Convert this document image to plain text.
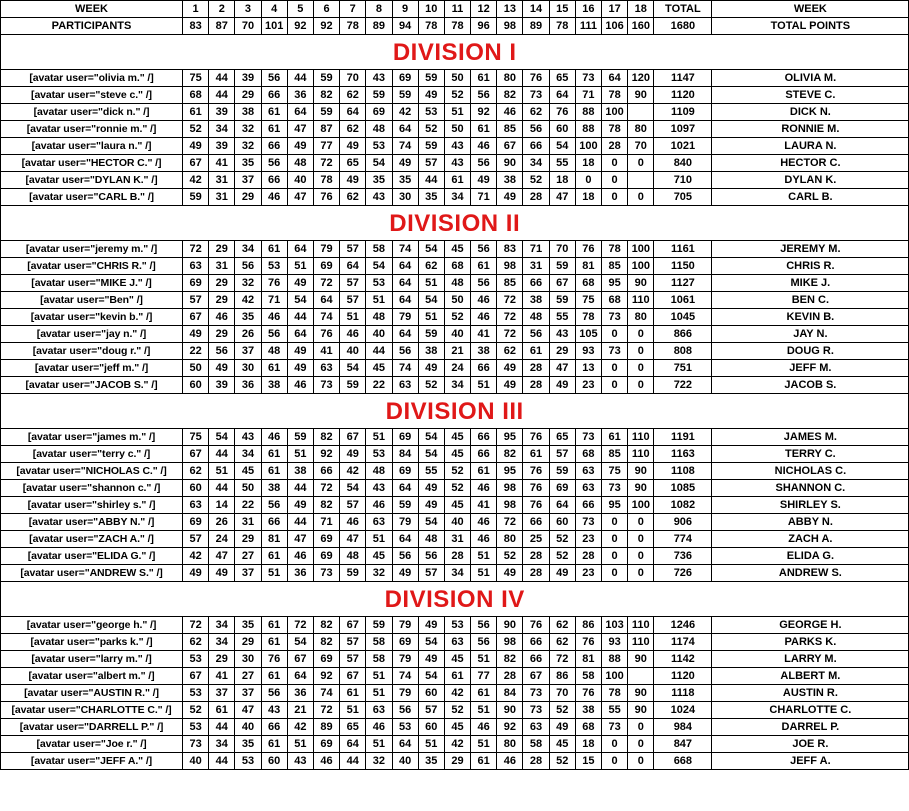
WEEK	1	2	3	4	5	6	7	8	9	10	11	12	13	14	15	16	17	18	TOTAL	WEEK
PARTICIPANTS	83	87	70	101	92	92	78	89	94	78	78	96	98	89	78	111	106	160	1680	TOTAL POINTS
DIVISION I																				
[avatar user="olivia m." /]	75	44	39	56	44	59	70	43	69	59	50	61	80	76	65	73	64	120	1147	OLIVIA M.
[avatar user="steve c." /]	68	44	29	66	36	82	62	59	59	49	52	56	82	73	64	71	78	90	1120	STEVE C.
[avatar user="dick n." /]	61	39	38	61	64	59	64	69	42	53	51	92	46	62	76	88	100		1109	DICK N.
[avatar user="ronnie m." /]	52	34	32	61	47	87	62	48	64	52	50	61	85	56	60	88	78	80	1097	RONNIE M.
[avatar user="laura n." /]	49	39	32	66	49	77	49	53	74	59	43	46	67	66	54	100	28	70	1021	LAURA N.
[avatar user="HECTOR C." /]	67	41	35	56	48	72	65	54	49	57	43	56	90	34	55	18	0	0	840	HECTOR C.
[avatar user="DYLAN K." /]	42	31	37	66	40	78	49	35	35	44	61	49	38	52	18	0	0		710	DYLAN K.
[avatar user="CARL B." /]	59	31	29	46	47	76	62	43	30	35	34	71	49	28	47	18	0	0	705	CARL B.
DIVISION II																				
[avatar user="jeremy m." /]	72	29	34	61	64	79	57	58	74	54	45	56	83	71	70	76	78	100	1161	JEREMY M.
[avatar user="CHRIS R." /]	63	31	56	53	51	69	64	54	64	62	68	61	98	31	59	81	85	100	1150	CHRIS R.
[avatar user="MIKE J." /]	69	29	32	76	49	72	57	53	64	51	48	56	85	66	67	68	95	90	1127	MIKE J.
[avatar user="Ben" /]	57	29	42	71	54	64	57	51	64	54	50	46	72	38	59	75	68	110	1061	BEN C.
[avatar user="kevin b." /]	67	46	35	46	44	74	51	48	79	51	52	46	72	48	55	78	73	80	1045	KEVIN B.
[avatar user="jay n." /]	49	29	26	56	64	76	46	40	64	59	40	41	72	56	43	105	0	0	866	JAY N.
[avatar user="doug r." /]	22	56	37	48	49	41	40	44	56	38	21	38	62	61	29	93	73	0	808	DOUG R.
[avatar user="jeff m." /]	50	49	30	61	49	63	54	45	74	49	24	66	49	28	47	13	0	0	751	JEFF M.
[avatar user="JACOB S." /]	60	39	36	38	46	73	59	22	63	52	34	51	49	28	49	23	0	0	722	JACOB S.
DIVISION III																				
[avatar user="james m." /]	75	54	43	46	59	82	67	51	69	54	45	66	95	76	65	73	61	110	1191	JAMES M.
[avatar user="terry c." /]	67	44	34	61	51	92	49	53	84	54	45	66	82	61	57	68	85	110	1163	TERRY C.
[avatar user="NICHOLAS C." /]	62	51	45	61	38	66	42	48	69	55	52	61	95	76	59	63	75	90	1108	NICHOLAS C.
[avatar user="shannon c." /]	60	44	50	38	44	72	54	43	64	49	52	46	98	76	69	63	73	90	1085	SHANNON C.
[avatar user="shirley s." /]	63	14	22	56	49	82	57	46	59	49	45	41	98	76	64	66	95	100	1082	SHIRLEY S.
[avatar user="ABBY N." /]	69	26	31	66	44	71	46	63	79	54	40	46	72	66	60	73	0	0	906	ABBY N.
[avatar user="ZACH A." /]	57	24	29	81	47	69	47	51	64	48	31	46	80	25	52	23	0	0	774	ZACH A.
[avatar user="ELIDA G." /]	42	47	27	61	46	69	48	45	56	56	28	51	52	28	52	28	0	0	736	ELIDA G.
[avatar user="ANDREW S." /]	49	49	37	51	36	73	59	32	49	57	34	51	49	28	49	23	0	0	726	ANDREW S.
DIVISION IV																				
[avatar user="george h." /]	72	34	35	61	72	82	67	59	79	49	53	56	90	76	62	86	103	110	1246	GEORGE H.
[avatar user="parks k." /]	62	34	29	61	54	82	57	58	69	54	63	56	98	66	62	76	93	110	1174	PARKS K.
[avatar user="larry m." /]	53	29	30	76	67	69	57	58	79	49	45	51	82	66	72	81	88	90	1142	LARRY M.
[avatar user="albert m." /]	67	41	27	61	64	92	67	51	74	54	61	77	28	67	86	58	100		1120	ALBERT M.
[avatar user="AUSTIN R." /]	53	37	37	56	36	74	61	51	79	60	42	61	84	73	70	76	78	90	1118	AUSTIN R.
[avatar user="CHARLOTTE C." /]	52	61	47	43	21	72	51	63	56	57	52	51	90	73	52	38	55	90	1024	CHARLOTTE C.
[avatar user="DARRELL P." /]	53	44	40	66	42	89	65	46	53	60	45	46	92	63	49	68	73	0	984	DARREL P.
[avatar user="Joe r." /]	73	34	35	61	51	69	64	51	64	51	42	51	80	58	45	18	0	0	847	JOE R.
[avatar user="JEFF A." /]	40	44	53	60	43	46	44	32	40	35	29	61	46	28	52	15	0	0	668	JEFF A.
